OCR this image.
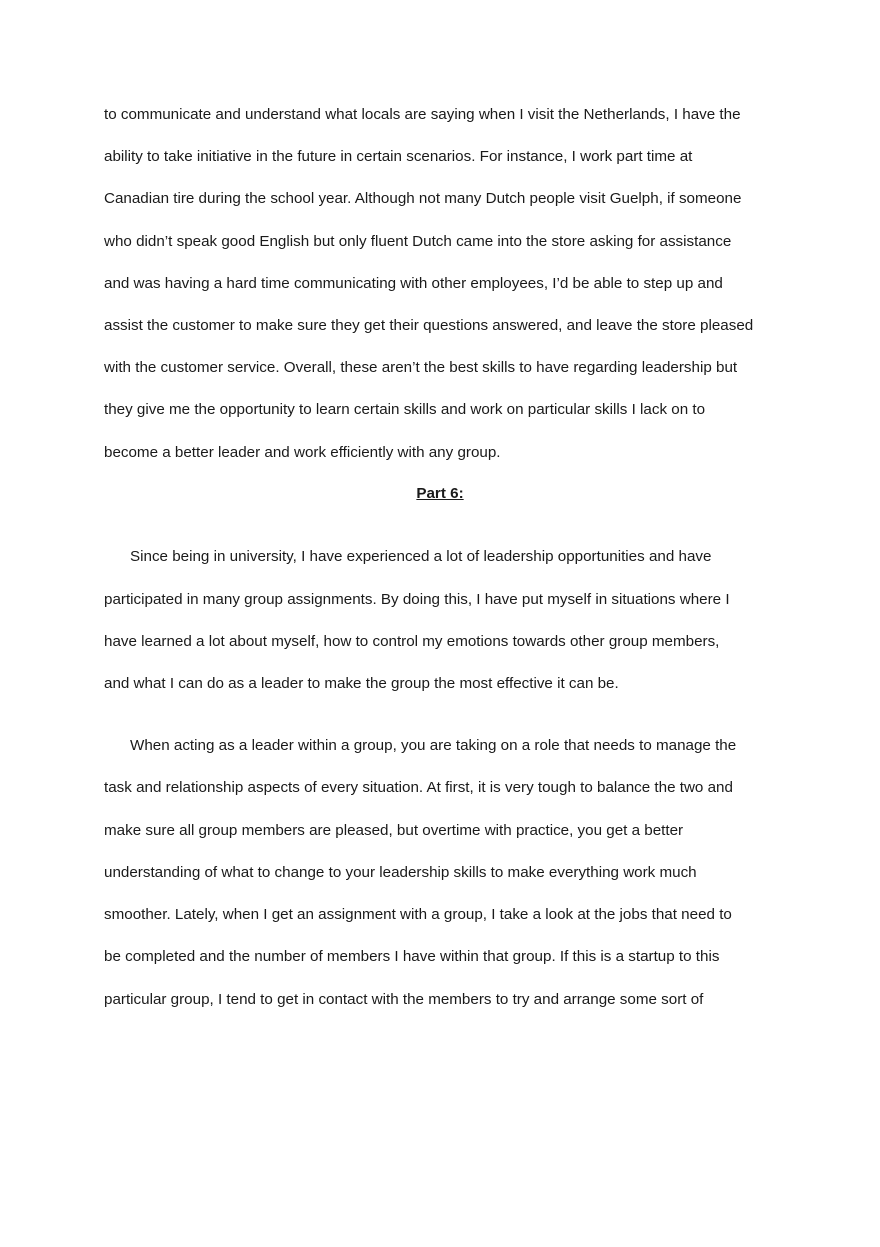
to communicate and understand what locals are saying when I visit the Netherlands, I have the
ability to take initiative in the future in certain scenarios. For instance, I work part time at
Canadian tire during the school year. Although not many Dutch people visit Guelph, if someone
who didn’t speak good English but only fluent Dutch came into the store asking for assistance
and was having a hard time communicating with other employees, I’d be able to step up and
assist the customer to make sure they get their questions answered, and leave the store pleased
with the customer service. Overall, these aren’t the best skills to have regarding leadership but
they give me the opportunity to learn certain skills and work on particular skills I lack on to
become a better leader and work efficiently with any group.
Part 6:
Since being in university, I have experienced a lot of leadership opportunities and have
participated in many group assignments. By doing this, I have put myself in situations where I
have learned a lot about myself, how to control my emotions towards other group members,
and what I can do as a leader to make the group the most effective it can be.
When acting as a leader within a group, you are taking on a role that needs to manage the
task and relationship aspects of every situation. At first, it is very tough to balance the two and
make sure all group members are pleased, but overtime with practice, you get a better
understanding of what to change to your leadership skills to make everything work much
smoother. Lately, when I get an assignment with a group, I take a look at the jobs that need to
be completed and the number of members I have within that group. If this is a startup to this
particular group, I tend to get in contact with the members to try and arrange some sort of
